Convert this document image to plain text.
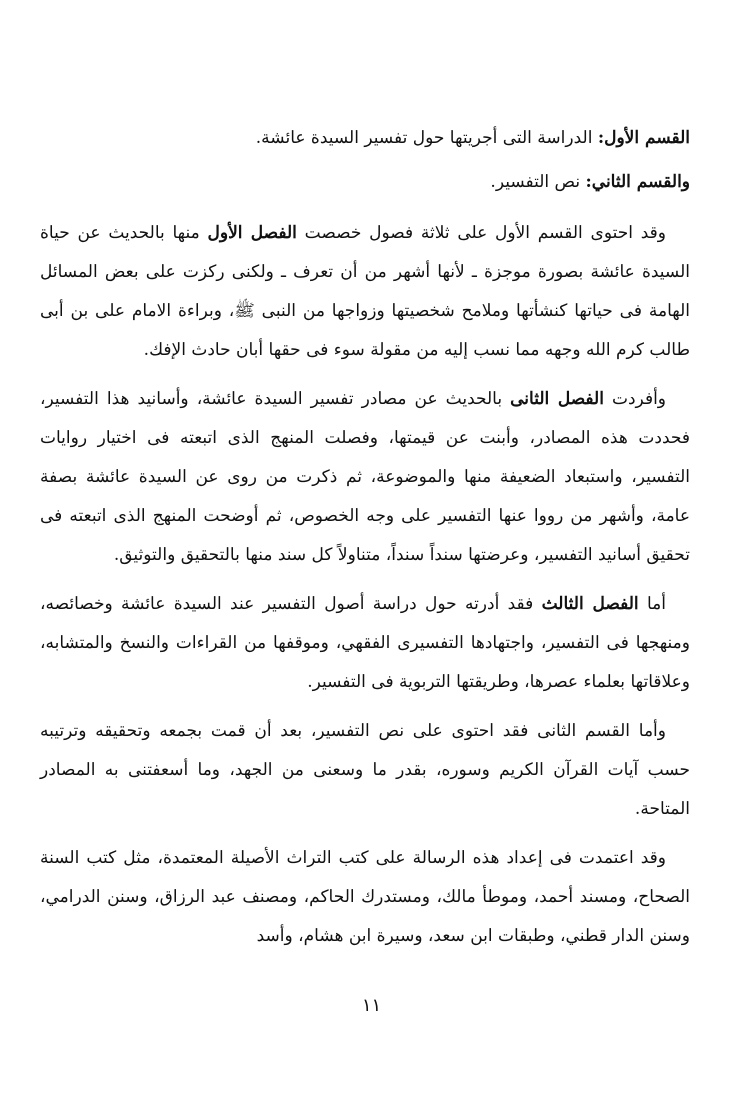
القسم الأول: الدراسة التى أجريتها حول تفسير السيدة عائشة.

والقسم الثاني: نص التفسير.

وقد احتوى القسم الأول على ثلاثة فصول خصصت الفصل الأول منها بالحديث عن حياة السيدة عائشة بصورة موجزة ـ لأنها أشهر من أن تعرف ـ ولكنى ركزت على بعض المسائل الهامة فى حياتها كنشأتها وملامح شخصيتها وزواجها من النبى ﷺ، وبراءة الامام على بن أبى طالب كرم الله وجهه مما نسب إليه من مقولة سوء فى حقها أبان حادث الإفك.

وأفردت الفصل الثانى بالحديث عن مصادر تفسير السيدة عائشة، وأسانيد هذا التفسير، فحددت هذه المصادر، وأبنت عن قيمتها، وفصلت المنهج الذى اتبعته فى اختيار روايات التفسير، واستبعاد الضعيفة منها والموضوعة، ثم ذكرت من روى عن السيدة عائشة بصفة عامة، وأشهر من رووا عنها التفسير على وجه الخصوص، ثم أوضحت المنهج الذى اتبعته فى تحقيق أسانيد التفسير، وعرضتها سنداً سنداً، متناولاً كل سند منها بالتحقيق والتوثيق.

أما الفصل الثالث فقد أدرته حول دراسة أصول التفسير عند السيدة عائشة وخصائصه، ومنهجها فى التفسير، واجتهادها التفسيرى الفقهي، وموقفها من القراءات والنسخ والمتشابه، وعلاقاتها بعلماء عصرها، وطريقتها التربوية فى التفسير.

وأما القسم الثانى فقد احتوى على نص التفسير، بعد أن قمت بجمعه وتحقيقه وترتيبه حسب آيات القرآن الكريم وسوره، بقدر ما وسعنى من الجهد، وما أسعفتنى به المصادر المتاحة.

وقد اعتمدت فى إعداد هذه الرسالة على كتب التراث الأصيلة المعتمدة، مثل كتب السنة الصحاح، ومسند أحمد، وموطأ مالك، ومستدرك الحاكم، ومصنف عبد الرزاق، وسنن الدرامي، وسنن الدار قطني، وطبقات ابن سعد، وسيرة ابن هشام، وأسد

١١
